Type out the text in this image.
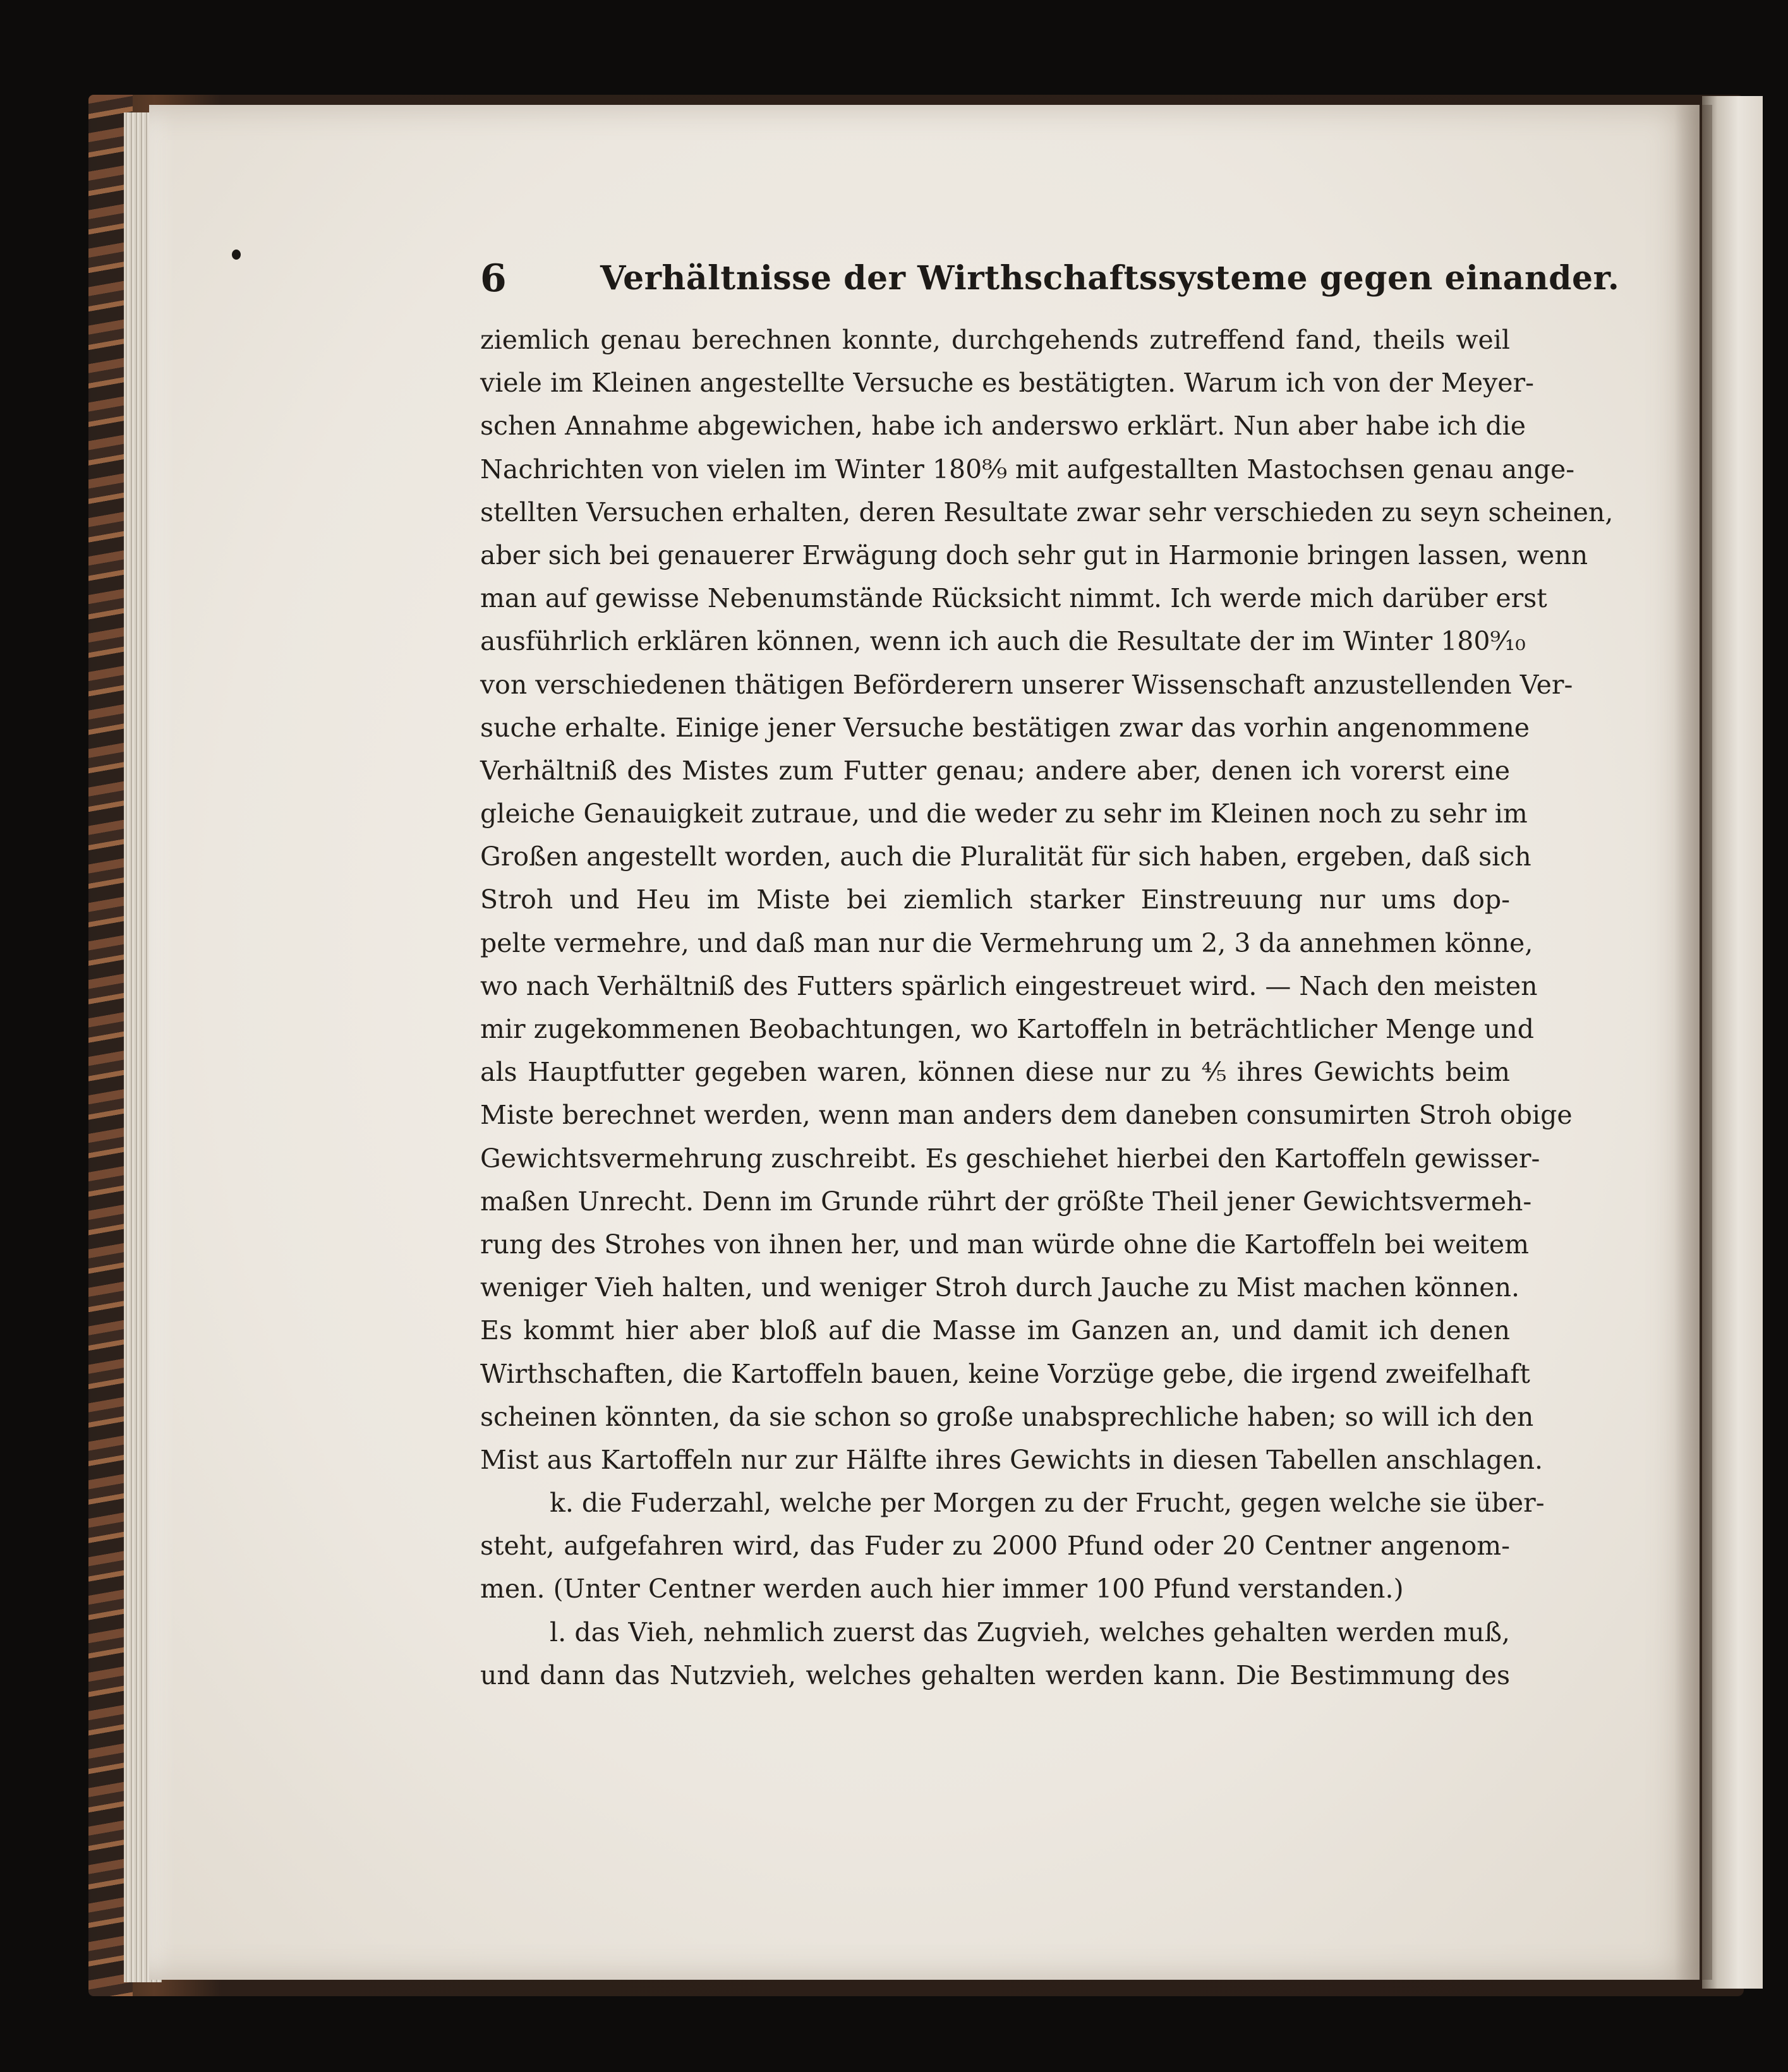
6	Verhältnisse der Wirthschaftssysteme gegen einander.
ziemlich genau berechnen konnte, durchgehends zutreffend fand, theils weil
viele im Kleinen angestellte Versuche es bestätigten. Warum ich von der Meyer-
schen Annahme abgewichen, habe ich anderswo erklärt. Nun aber habe ich die
Nachrichten von vielen im Winter 180⁸⁄₉ mit aufgestallten Mastochsen genau ange-
stellten Versuchen erhalten, deren Resultate zwar sehr verschieden zu seyn scheinen,
aber sich bei genauerer Erwägung doch sehr gut in Harmonie bringen lassen, wenn
man auf gewisse Nebenumstände Rücksicht nimmt. Ich werde mich darüber erst
ausführlich erklären können, wenn ich auch die Resultate der im Winter 180⁹⁄₁₀
von verschiedenen thätigen Beförderern unserer Wissenschaft anzustellenden Ver-
suche erhalte. Einige jener Versuche bestätigen zwar das vorhin angenommene
Verhältniß des Mistes zum Futter genau; andere aber, denen ich vorerst eine
gleiche Genauigkeit zutraue, und die weder zu sehr im Kleinen noch zu sehr im
Großen angestellt worden, auch die Pluralität für sich haben, ergeben, daß sich
Stroh und Heu im Miste bei ziemlich starker Einstreuung nur ums dop-
pelte vermehre, und daß man nur die Vermehrung um 2, 3 da annehmen könne,
wo nach Verhältniß des Futters spärlich eingestreuet wird. — Nach den meisten
mir zugekommenen Beobachtungen, wo Kartoffeln in beträchtlicher Menge und
als Hauptfutter gegeben waren, können diese nur zu ⁴⁄₅ ihres Gewichts beim
Miste berechnet werden, wenn man anders dem daneben consumirten Stroh obige
Gewichtsvermehrung zuschreibt. Es geschiehet hierbei den Kartoffeln gewisser-
maßen Unrecht. Denn im Grunde rührt der größte Theil jener Gewichtsvermeh-
rung des Strohes von ihnen her, und man würde ohne die Kartoffeln bei weitem
weniger Vieh halten, und weniger Stroh durch Jauche zu Mist machen können.
Es kommt hier aber bloß auf die Masse im Ganzen an, und damit ich denen
Wirthschaften, die Kartoffeln bauen, keine Vorzüge gebe, die irgend zweifelhaft
scheinen könnten, da sie schon so große unabsprechliche haben; so will ich den
Mist aus Kartoffeln nur zur Hälfte ihres Gewichts in diesen Tabellen anschlagen.
k. die Fuderzahl, welche per Morgen zu der Frucht, gegen welche sie über-
steht, aufgefahren wird, das Fuder zu 2000 Pfund oder 20 Centner angenom-
men. (Unter Centner werden auch hier immer 100 Pfund verstanden.)
l. das Vieh, nehmlich zuerst das Zugvieh, welches gehalten werden muß,
und dann das Nutzvieh, welches gehalten werden kann. Die Bestimmung des
